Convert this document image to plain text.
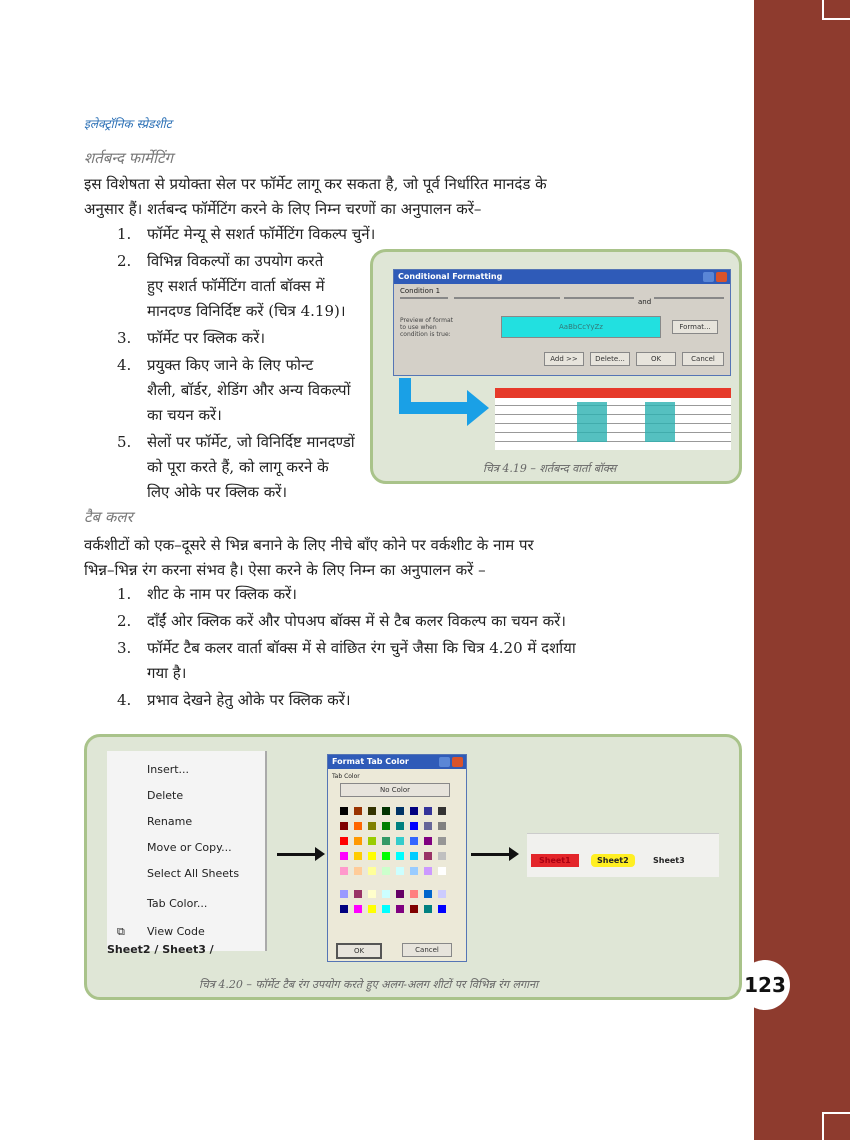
123
इलेक्ट्रॉनिक स्प्रेडशीट
शर्तबन्द फार्मेटिंग
इस विशेषता से प्रयोक्ता सेल पर फॉर्मेट लागू कर सकता है, जो पूर्व निर्धारित मानदंड के
अनुसार हैं। शर्तबन्द फॉर्मेटिंग करने के लिए निम्न चरणों का अनुपालन करें–
1.	फॉर्मेट मेन्यू से सशर्त फॉर्मेटिंग विकल्प चुनें।
2.	विभिन्न विकल्पों का उपयोग करते
हुए सशर्त फॉर्मेटिंग वार्ता बॉक्स में
मानदण्ड विनिर्दिष्ट करें (चित्र 4.19)।
3.	फॉर्मेट पर क्लिक करें।
4.	प्रयुक्त किए जाने के लिए फोन्ट
शैली, बॉर्डर, शेडिंग और अन्य विकल्पों
का चयन करें।
5.	सेलों पर फॉर्मेट, जो विनिर्दिष्ट मानदण्डों
को पूरा करते हैं, को लागू करने के
लिए ओके पर क्लिक करें।
Conditional Formatting
Condition 1
and
Preview of format to use when condition is true:
AaBbCcYyZz	Format...
Add >>	Delete...	OK	Cancel
चित्र 4.19 – शर्तबन्द वार्ता बॉक्स
टैब कलर
वर्कशीटों को एक–दूसरे से भिन्न बनाने के लिए नीचे बाँए कोने पर वर्कशीट के नाम पर
भिन्न–भिन्न रंग करना संभव है। ऐसा करने के लिए निम्न का अनुपालन करें –
1.	शीट के नाम पर क्लिक करें।
2.	दाँईं ओर क्लिक करें और पोपअप बॉक्स में से टैब कलर विकल्प का चयन करें।
3.	फॉर्मेट टैब कलर वार्ता बॉक्स में से वांछित रंग चुनें जैसा कि चित्र 4.20 में दर्शाया
गया है।
4.	प्रभाव देखने हेतु ओके पर क्लिक करें।
Insert...
Delete
Rename
Move or Copy...
Select All Sheets
Tab Color...
View Code
⧉
Sheet2 / Sheet3 /
Format Tab Color
Tab Color
No Color
OK	Cancel
Sheet1	Sheet2	Sheet3
चित्र 4.20 – फॉर्मेट टैब रंग उपयोग करते हुए अलग-अलग शीटों पर विभिन्न रंग लगाना
